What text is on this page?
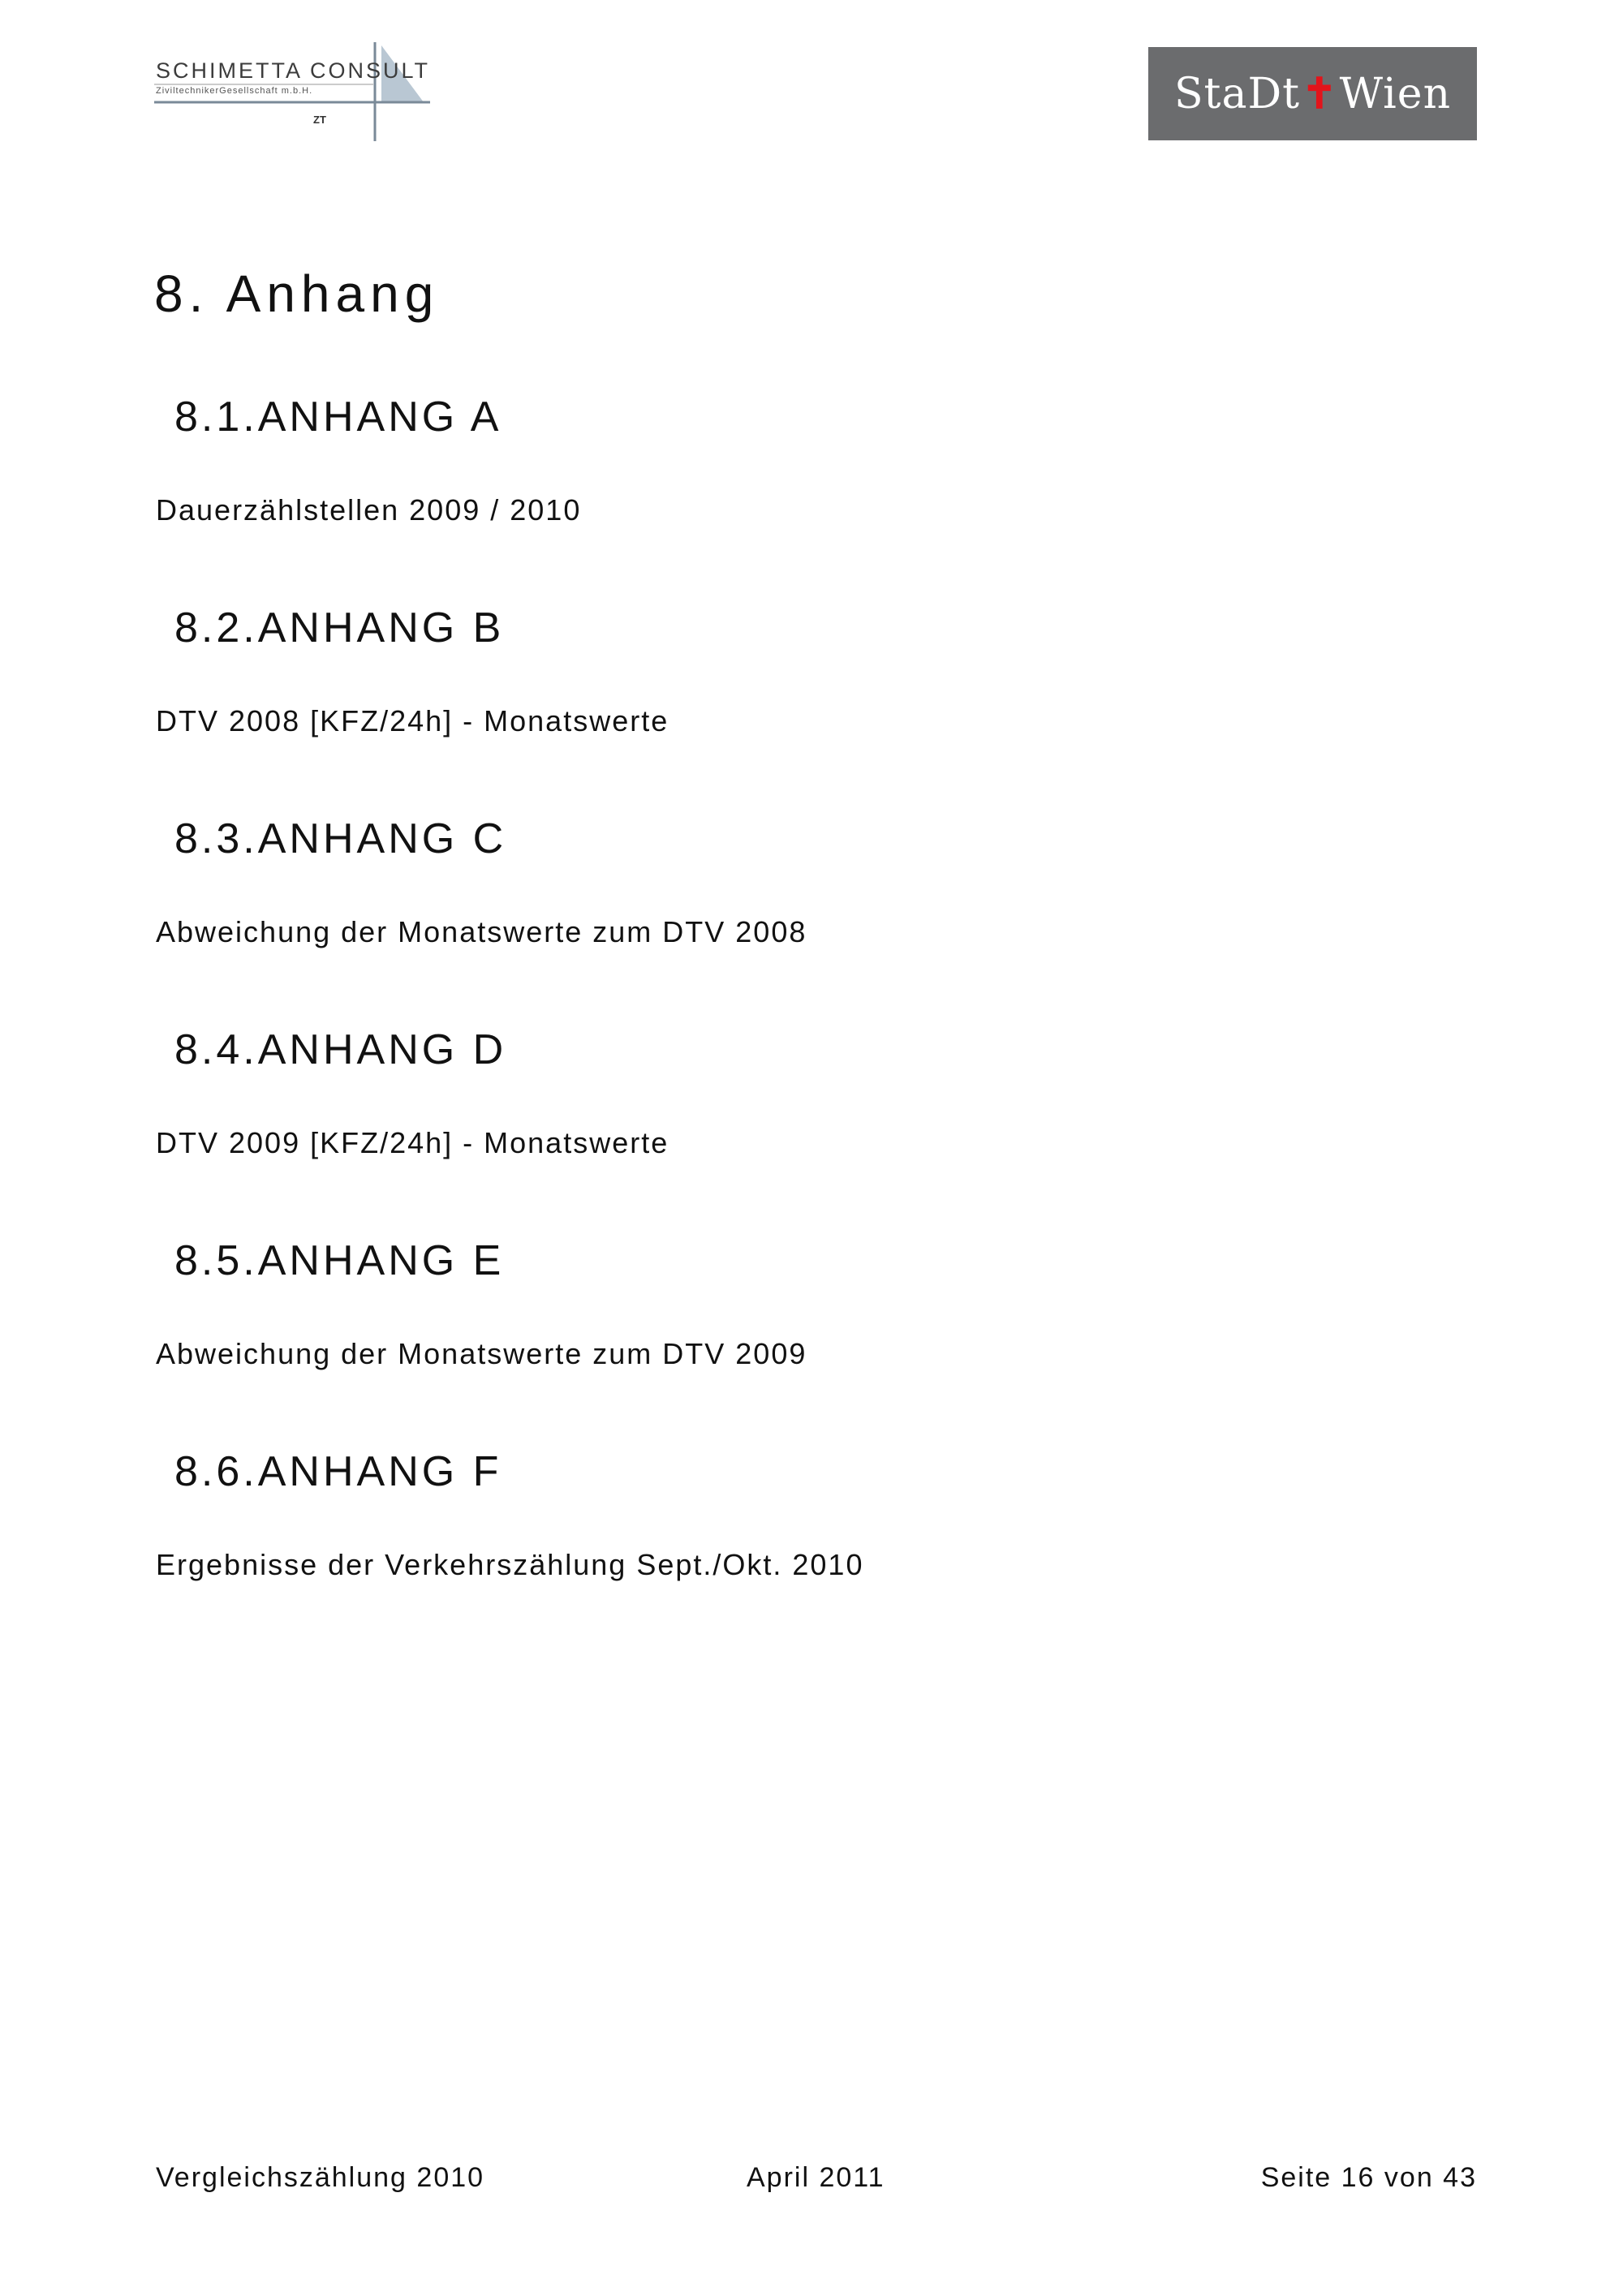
SCHIMETTA CONSULT
ZiviltechnikerGesellschaft m.b.H.
ZT
StaDt ✝ Wien
8. Anhang
8.1.ANHANG A

Dauerzählstellen 2009 / 2010

8.2.ANHANG B

DTV 2008 [KFZ/24h] - Monatswerte

8.3.ANHANG C

Abweichung der Monatswerte zum DTV 2008

8.4.ANHANG D

DTV 2009 [KFZ/24h] - Monatswerte

8.5.ANHANG E

Abweichung der Monatswerte zum DTV 2009

8.6.ANHANG F

Ergebnisse der Verkehrszählung Sept./Okt. 2010

Vergleichszählung 2010	April 2011	Seite 16 von 43
